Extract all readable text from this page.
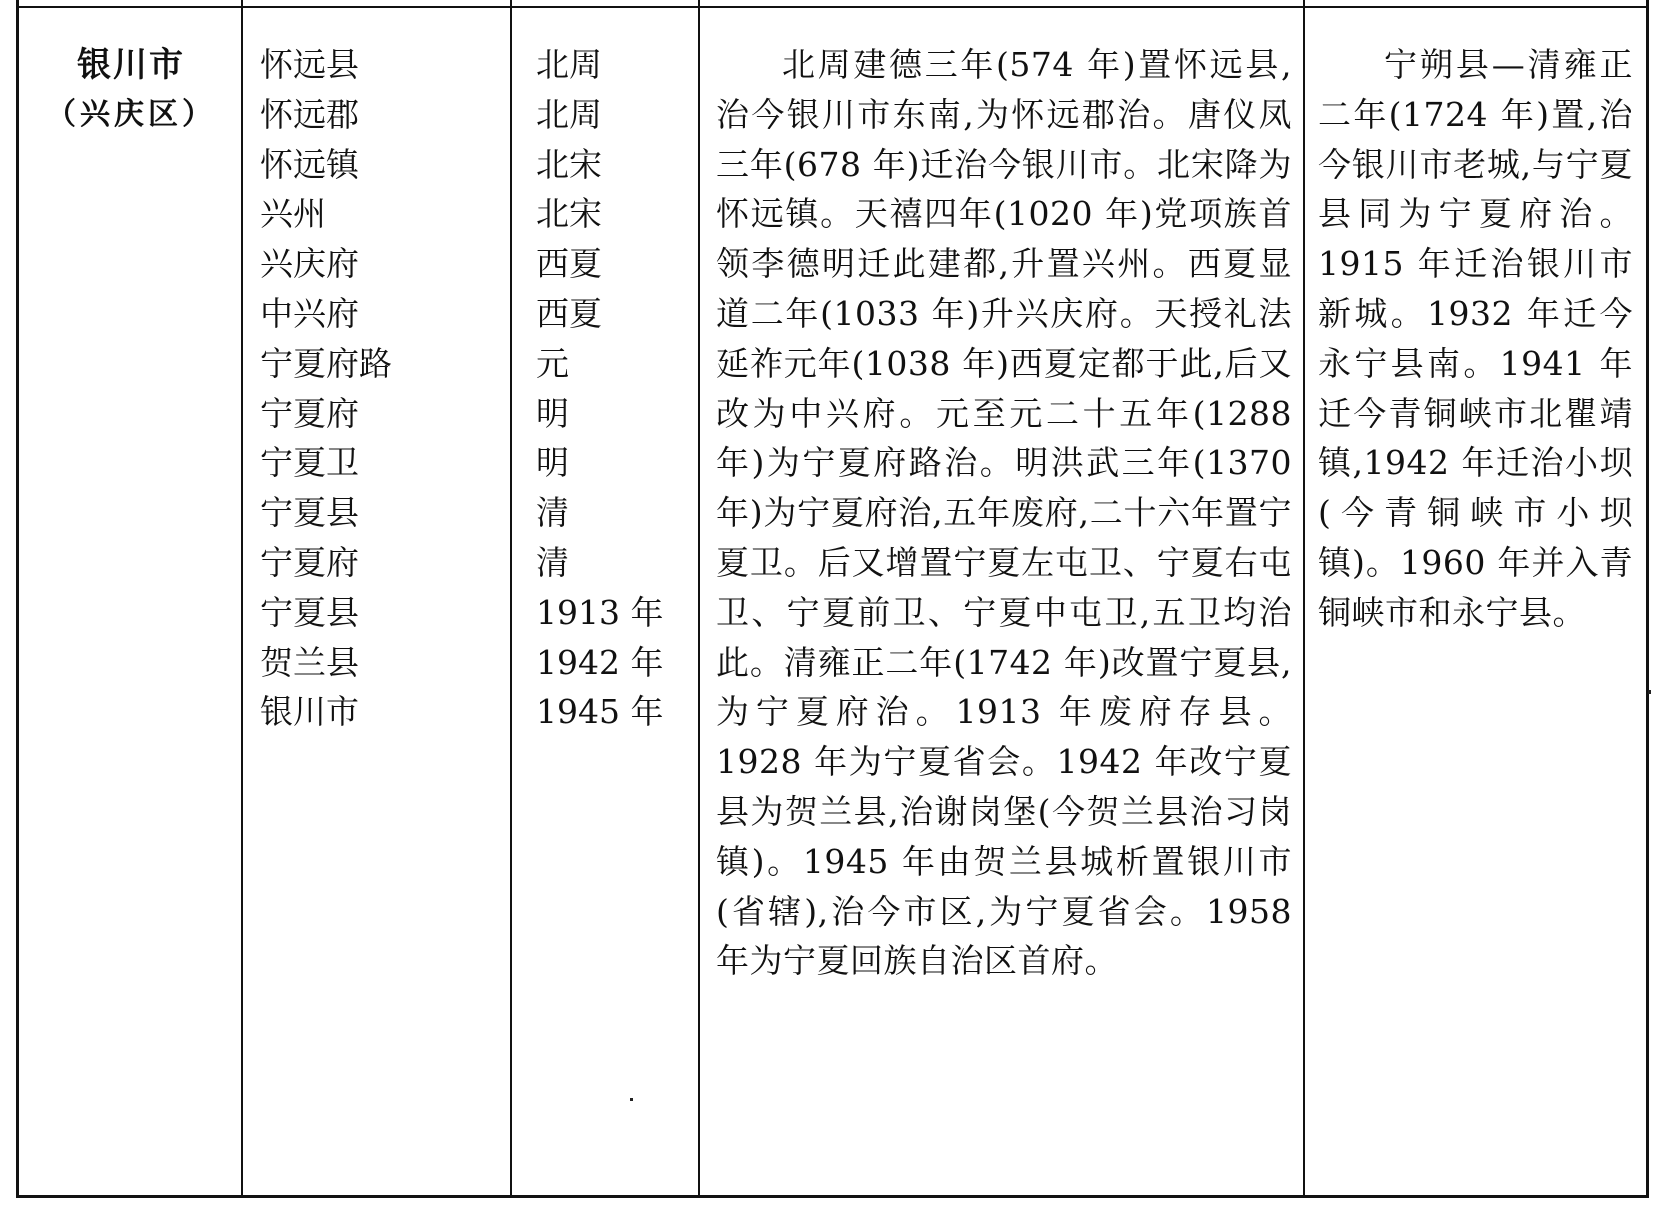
银川市
（兴庆区）
怀远县
怀远郡
怀远镇
兴州
兴庆府
中兴府
宁夏府路
宁夏府
宁夏卫
宁夏县
宁夏府
宁夏县
贺兰县
银川市
北周
北周
北宋
北宋
西夏
西夏
元
明
明
清
清
1913 年
1942 年
1945 年

北周建德三年(574 年)置怀远县,治今银川市东南,为怀远郡治。唐仪凤三年(678 年)迁治今银川市。北宋降为怀远镇。天禧四年(1020 年)党项族首领李德明迁此建都,升置兴州。西夏显道二年(1033 年)升兴庆府。天授礼法延祚元年(1038 年)西夏定都于此,后又改为中兴府。元至元二十五年(1288 年)为宁夏府路治。明洪武三年(1370 年)为宁夏府治,五年废府,二十六年置宁夏卫。后又增置宁夏左屯卫、宁夏右屯卫、宁夏前卫、宁夏中屯卫,五卫均治此。清雍正二年(1742 年)改置宁夏县,为宁夏府治。1913 年废府存县。1928 年为宁夏省会。1942 年改宁夏县为贺兰县,治谢岗堡(今贺兰县治习岗镇)。1945 年由贺兰县城析置银川市(省辖),治今市区,为宁夏省会。1958 年为宁夏回族自治区首府。

宁朔县—清雍正二年(1724 年)置,治今银川市老城,与宁夏县同为宁夏府治。1915 年迁治银川市新城。1932 年迁今永宁县南。1941 年迁今青铜峡市北瞿靖镇,1942 年迁治小坝(今青铜峡市小坝镇)。1960 年并入青铜峡市和永宁县。
